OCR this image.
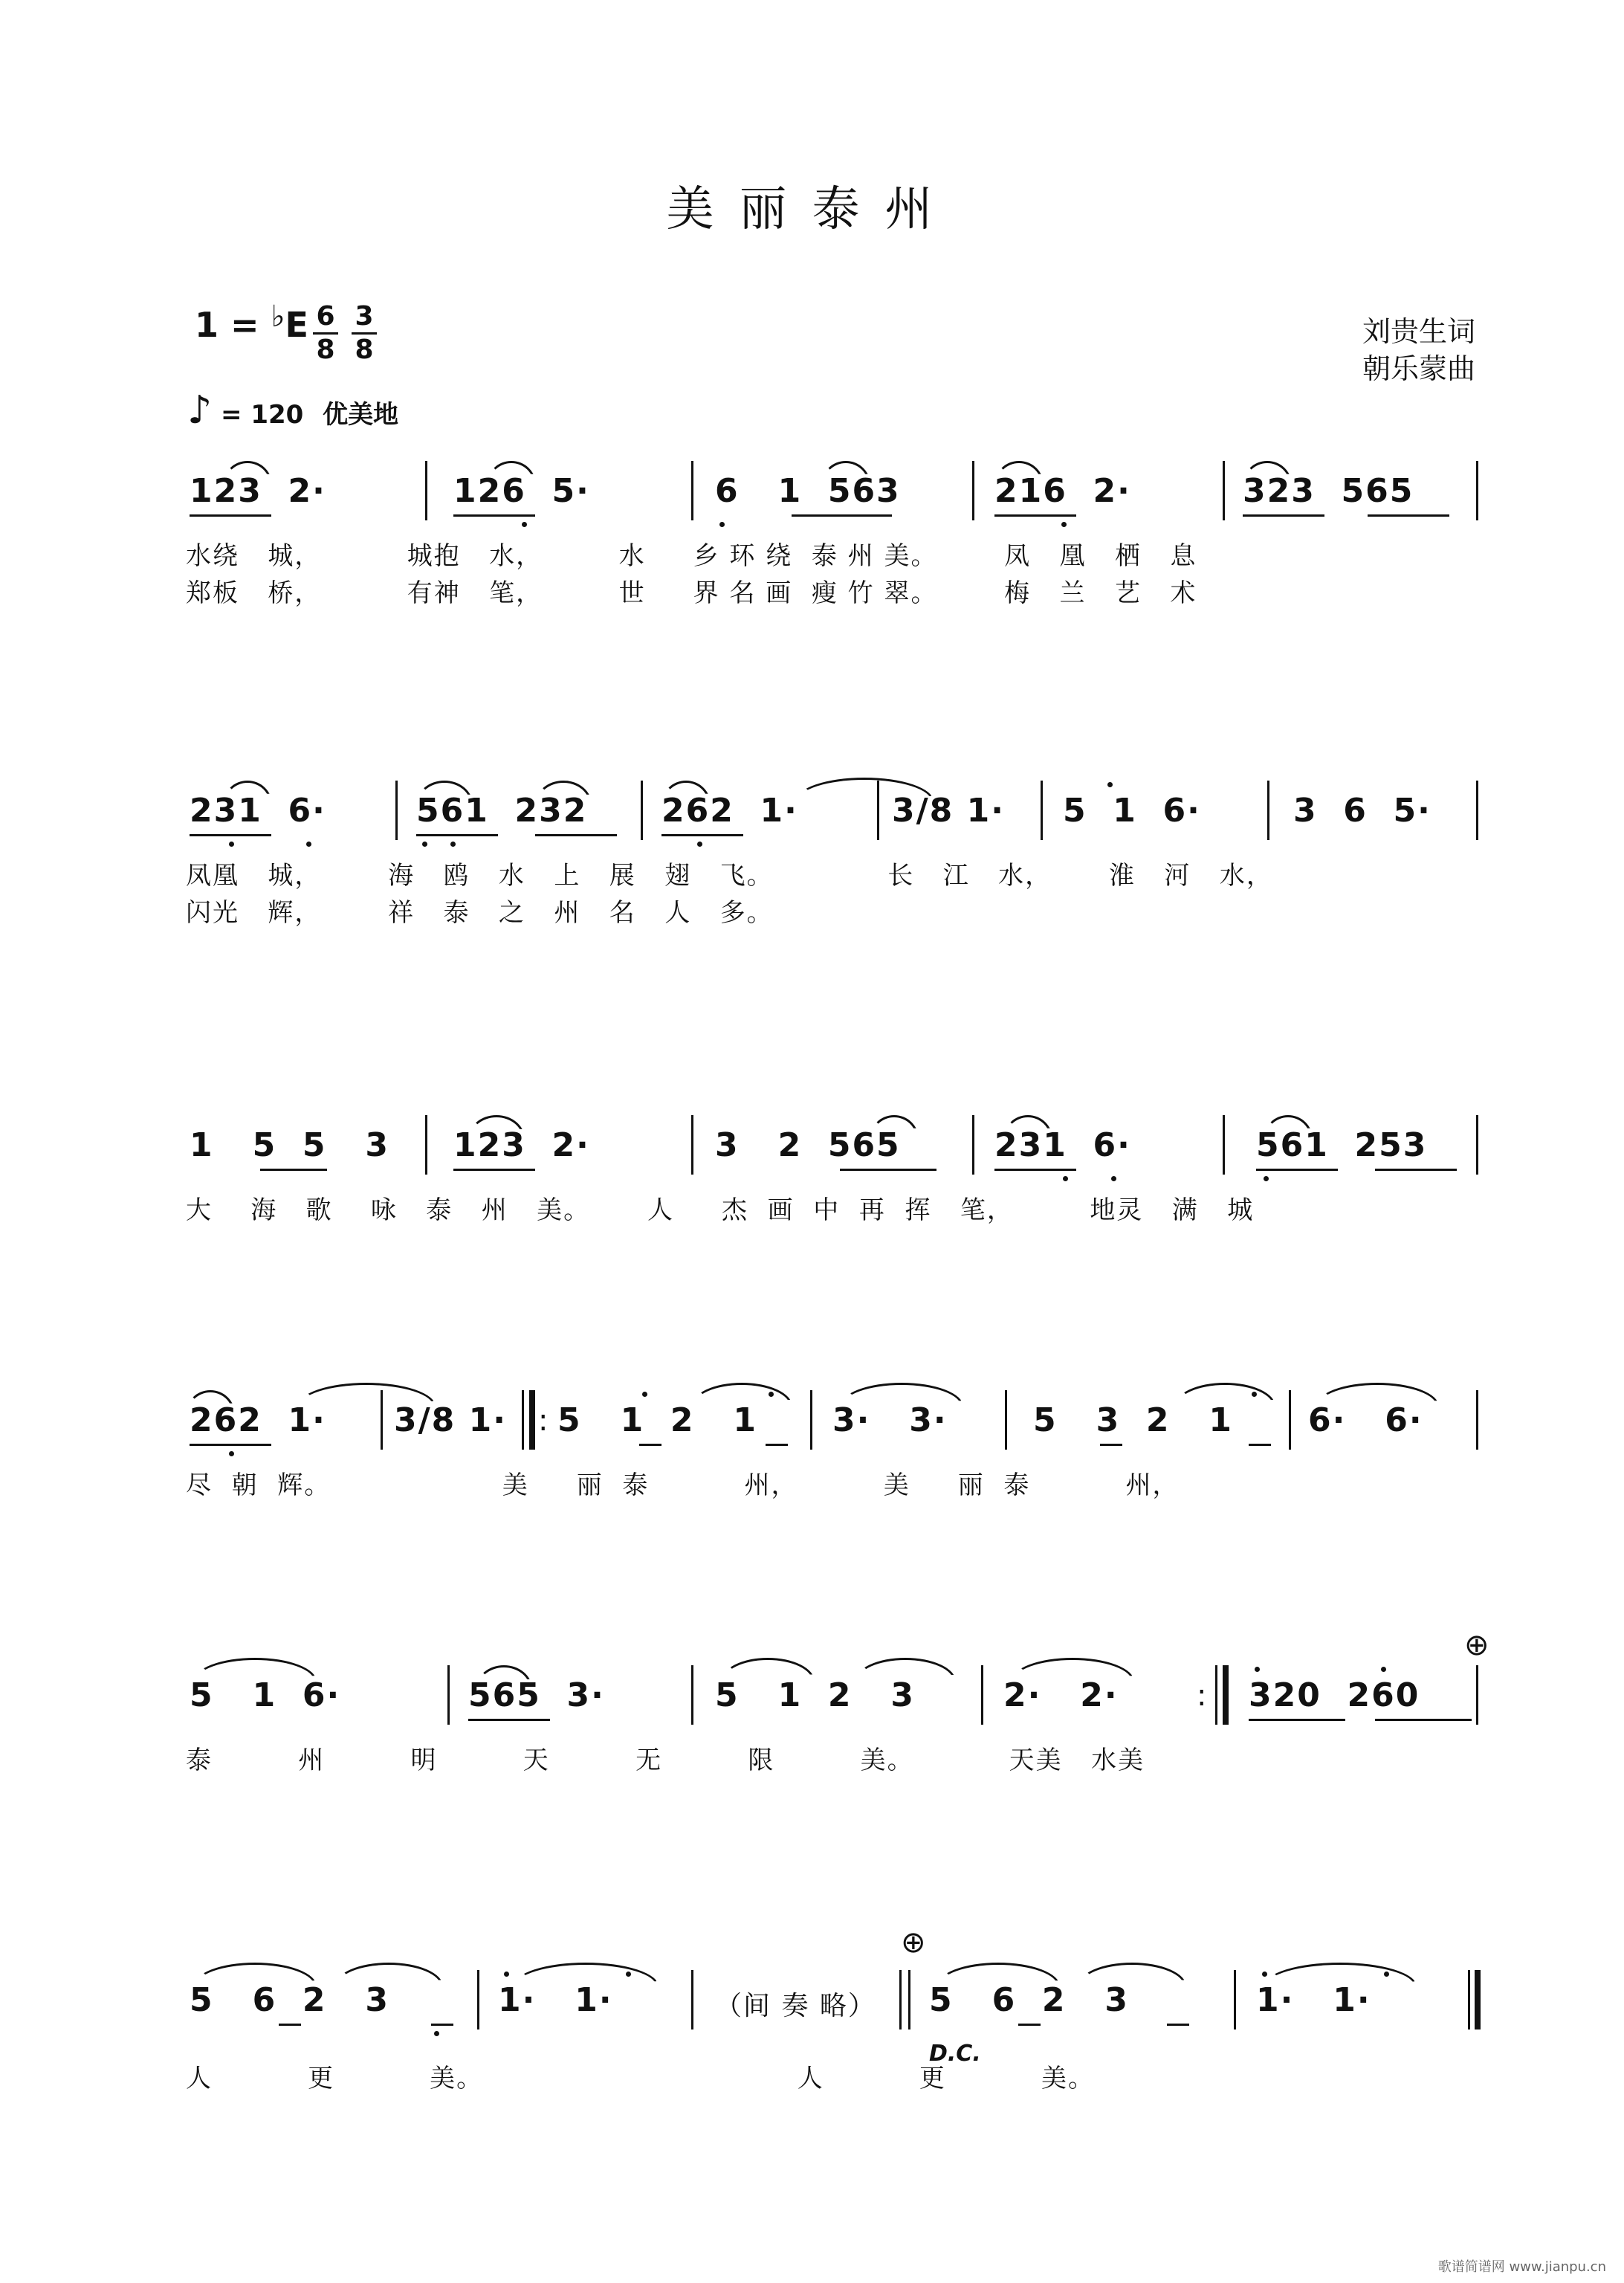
美丽泰州
1 = ♭E 6
8
3
8
刘贵生词
朝乐蒙曲
♪ = 120 优美地
123  2·	126  5·	6   1  563	216  2·	323  565
水绕   城，         城抱   水，        水     乡 环 绕  泰 州 美。       凤   凰   栖   息
郑板   桥，         有神   笔，        世     界 名 画  瘦 竹 翠。       梅   兰   艺   术
231  6·	561  232 262  1·	3/8 1· 5  1  6·	3  6  5·
凤凰   城，       海   鸥   水   上   展   翅   飞。            长   江   水，      淮   河   水，
闪光   辉，       祥   泰   之   州   名   人   多。
1   5  5   3 123  2·	3   2  565	231  6·	561  253
大    海   歌    咏   泰   州   美。      人     杰  画  中  再  挥   笔，        地灵   满   城
262  1· 3/8 1· : 5   1  2   1 3·   3·	5   3  2   1 6·   6·
尽  朝  辉。                  美     丽  泰          州，         美     丽  泰          州，
5   1  6·	565  3·	5   1  2   3	2·   2·	: 320  260
⊕
泰         州         明         天         无         限         美。          天美   水美
5   6  2   3	1·   1·	（间 奏 略）
⊕
5   6  2   3	1·   1·
D.C.
人          更          美。                                 人          更          美。
歌谱简谱网 www.jianpu.cn
